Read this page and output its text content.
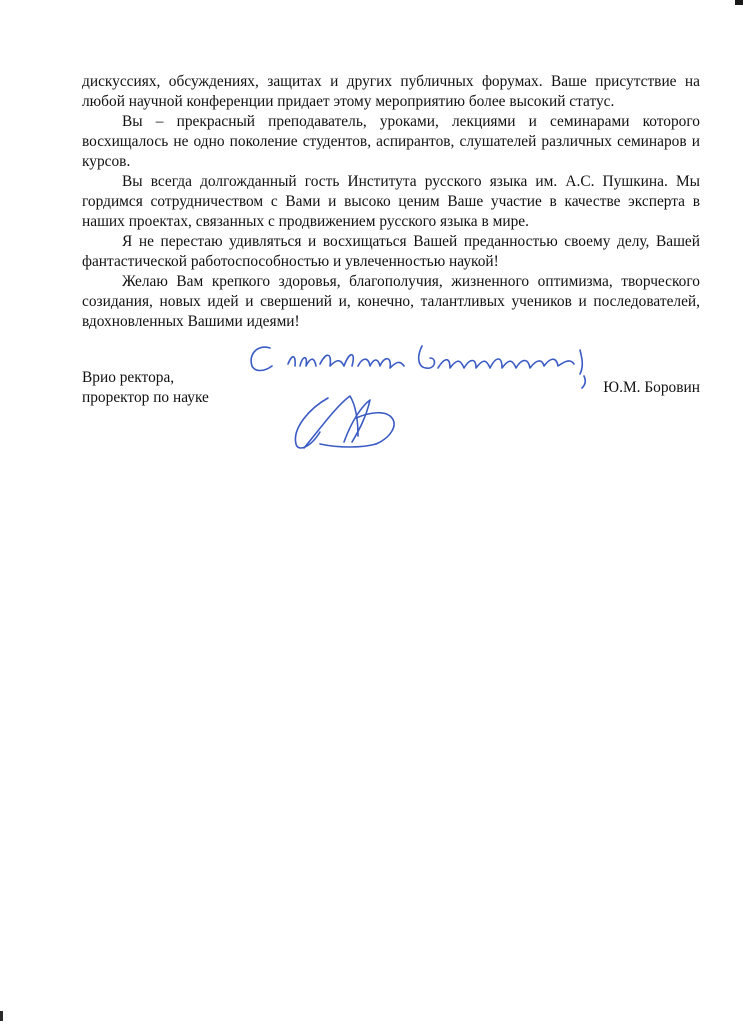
дискуссиях, обсуждениях, защитах и других публичных форумах. Ваше присутствие на любой научной конференции придает этому мероприятию более высокий статус.

Вы – прекрасный преподаватель, уроками, лекциями и семинарами которого восхищалось не одно поколение студентов, аспирантов, слушателей различных семинаров и курсов.

Вы всегда долгожданный гость Института русского языка им. А.С. Пушкина. Мы гордимся сотрудничеством с Вами и высоко ценим Ваше участие в качестве эксперта в наших проектах, связанных с продвижением русского языка в мире.

Я не перестаю удивляться и восхищаться Вашей преданностью своему делу, Вашей фантастической работоспособностью и увлеченностью наукой!

Желаю Вам крепкого здоровья, благополучия, жизненного оптимизма, творческого созидания, новых идей и свершений и, конечно, талантливых учеников и последователей, вдохновленных Вашими идеями!

Врио ректора,
проректор по науке
Ю.М. Боровин
